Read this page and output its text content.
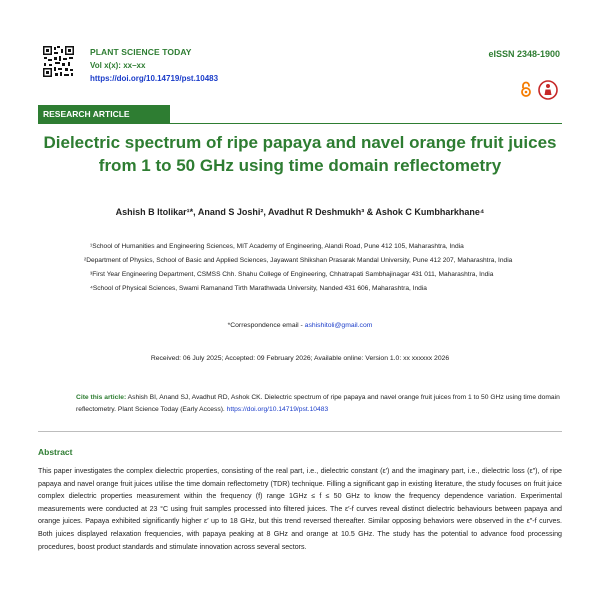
PLANT SCIENCE TODAY
Vol x(x): xx–xx
https://doi.org/10.14719/pst.10483
eISSN 2348-1900
RESEARCH ARTICLE
Dielectric spectrum of ripe papaya and navel orange fruit juices from 1 to 50 GHz using time domain reflectometry
Ashish B Itolikar¹*, Anand S Joshi², Avadhut R Deshmukh³ & Ashok C Kumbharkhane⁴
¹School of Humanities and Engineering Sciences, MIT Academy of Engineering, Alandi Road, Pune 412 105, Maharashtra, India
²Department of Physics, School of Basic and Applied Sciences, Jayawant Shikshan Prasarak Mandal University, Pune 412 207, Maharashtra, India
³First Year Engineering Department, CSMSS Chh. Shahu College of Engineering, Chhatrapati Sambhajinagar 431 011, Maharashtra, India
⁴School of Physical Sciences, Swami Ramanand Tirth Marathwada University, Nanded 431 606, Maharashtra, India
*Correspondence email - ashishitoli@gmail.com
Received: 06 July 2025; Accepted: 09 February 2026; Available online: Version 1.0: xx xxxxxx 2026
Cite this article: Ashish BI, Anand SJ, Avadhut RD, Ashok CK. Dielectric spectrum of ripe papaya and navel orange fruit juices from 1 to 50 GHz using time domain reflectometry. Plant Science Today (Early Access). https://doi.org/10.14719/pst.10483
Abstract
This paper investigates the complex dielectric properties, consisting of the real part, i.e., dielectric constant (ε′) and the imaginary part, i.e., dielectric loss (ε″), of ripe papaya and navel orange fruit juices utilise the time domain reflectometry (TDR) technique. Filling a significant gap in existing literature, the study focuses on fruit juice complex dielectric properties measurement within the frequency (f) range 1GHz ≤ f ≤ 50 GHz to know the frequency dependence variation. Experimental measurements were conducted at 23 °C using fruit samples processed into filtered juices. The ε′-f curves reveal distinct dielectric behaviours between papaya and orange juices. Papaya exhibited significantly higher ε′ up to 18 GHz, but this trend reversed thereafter. Similar opposing behaviors were observed in the ε″-f curves. Both juices displayed relaxation frequencies, with papaya peaking at 8 GHz and orange at 10.5 GHz. The study has the potential to advance food processing procedures, boost product standards and stimulate innovation across several sectors.
